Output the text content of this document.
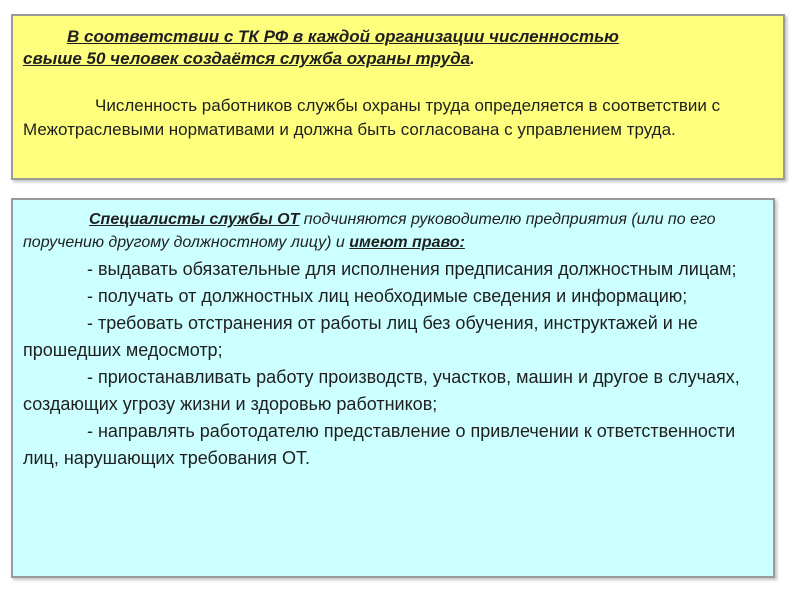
В соответствии с ТК РФ в каждой организации численностью
свыше 50 человек создаётся служба охраны труда.

Численность работников службы охраны труда определяется в соответствии с Межотраслевыми нормативами и должна быть согласована с управлением труда.

Специалисты службы ОТ подчиняются руководителю предприятия (или по его поручению другому должностному лицу) и имеют право:

- выдавать обязательные для исполнения предписания должностным лицам;

- получать от должностных лиц необходимые сведения и информацию;

- требовать отстранения от работы лиц без обучения, инструктажей и не прошедших медосмотр;

- приостанавливать работу производств, участков, машин и другое в случаях, создающих угрозу жизни и здоровью работников;

- направлять работодателю представление о привлечении к ответственности лиц, нарушающих требования ОТ.
